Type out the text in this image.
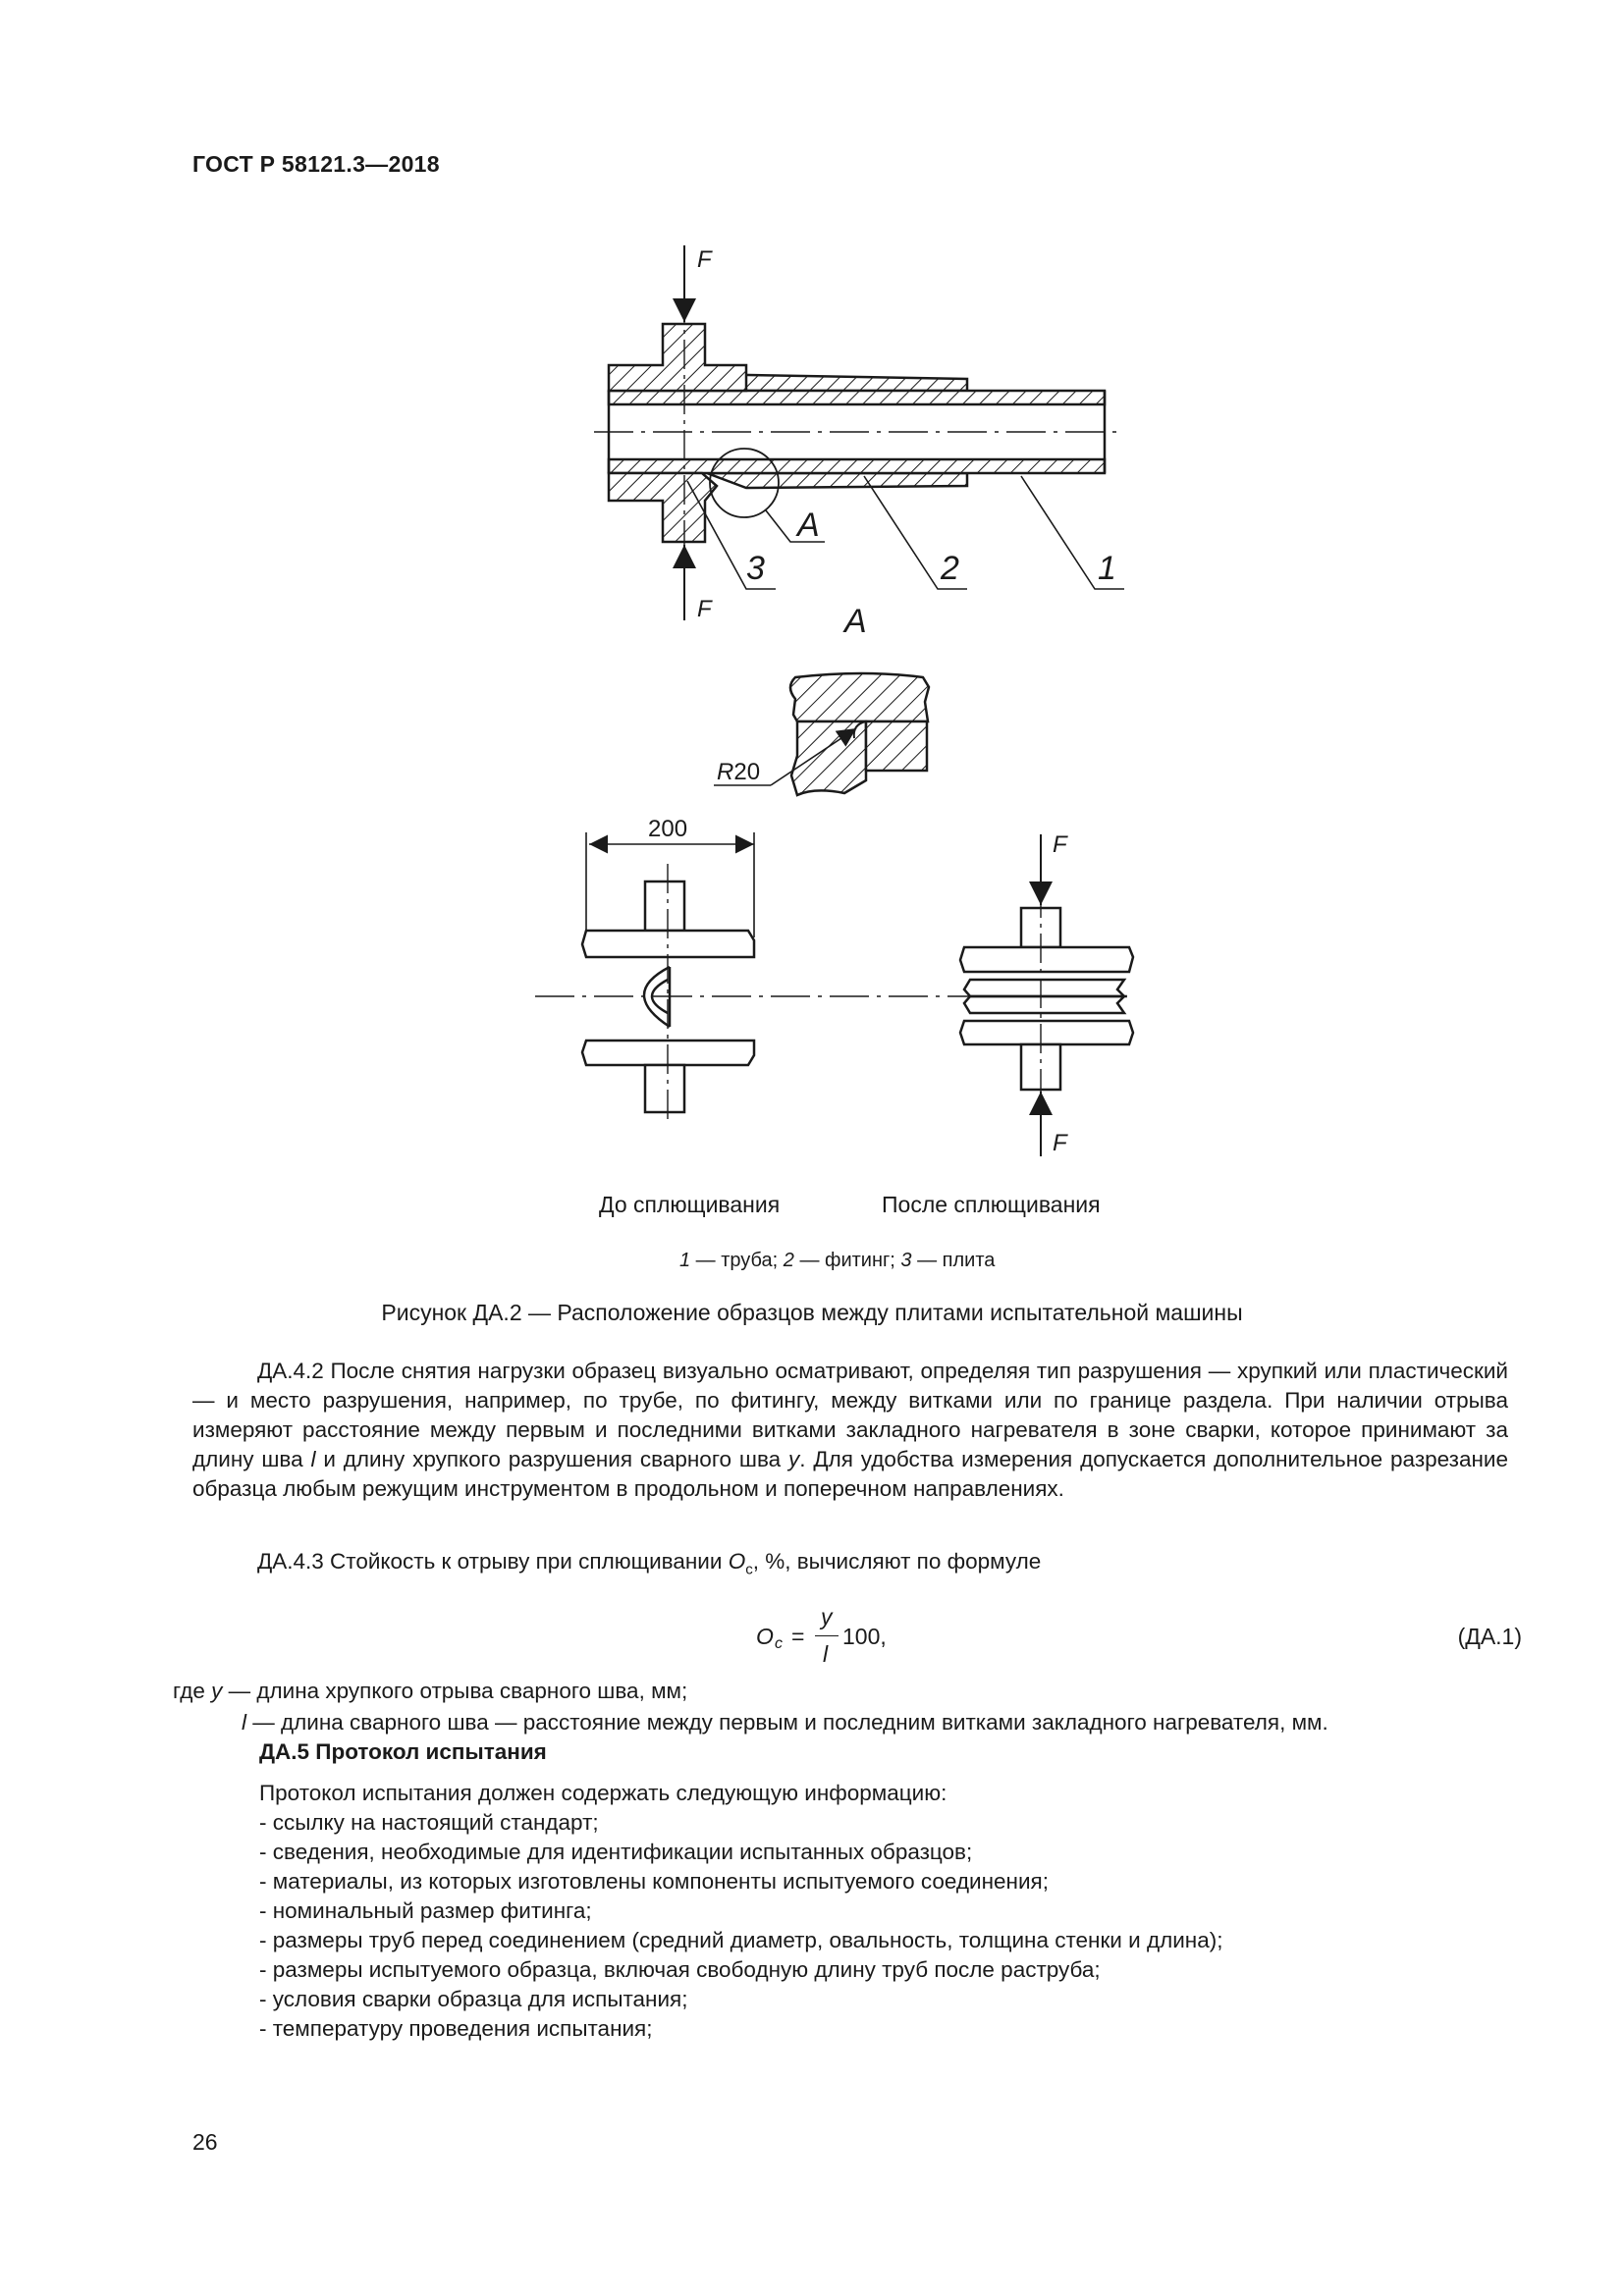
ГОСТ Р 58121.3—2018
F
F
A
3	2	1
A
R20
200
F
F
До сплющивания	После сплющивания
1 — труба; 2 — фитинг; 3 — плита
Рисунок ДА.2 — Расположение образцов между плитами испытательной машины

ДА.4.2 После снятия нагрузки образец визуально осматривают, определяя тип разрушения — хрупкий или пластический — и место разрушения, например, по трубе, по фитингу, между витками или по границе раздела. При наличии отрыва измеряют расстояние между первым и последними витками закладного нагревателя в зоне сварки, которое принимают за длину шва l и длину хрупкого разрушения сварного шва y. Для удобства измерения допускается дополнительное разрезание образца любым режущим инструментом в продольном и поперечном направлениях.

ДА.4.3 Стойкость к отрыву при сплющивании $O_c$, %, вычисляют по формуле

O c =
y
l
100,	(ДА.1)
где y — длина хрупкого отрыва сварного шва, мм;
l — длина сварного шва — расстояние между первым и последним витками закладного нагревателя, мм.
ДА.5 Протокол испытания
Протокол испытания должен содержать следующую информацию:
- ссылку на настоящий стандарт;
- сведения, необходимые для идентификации испытанных образцов;
- материалы, из которых изготовлены компоненты испытуемого соединения;
- номинальный размер фитинга;
- размеры труб перед соединением (средний диаметр, овальность, толщина стенки и длина);
- размеры испытуемого образца, включая свободную длину труб после раструба;
- условия сварки образца для испытания;
- температуру проведения испытания;
26
